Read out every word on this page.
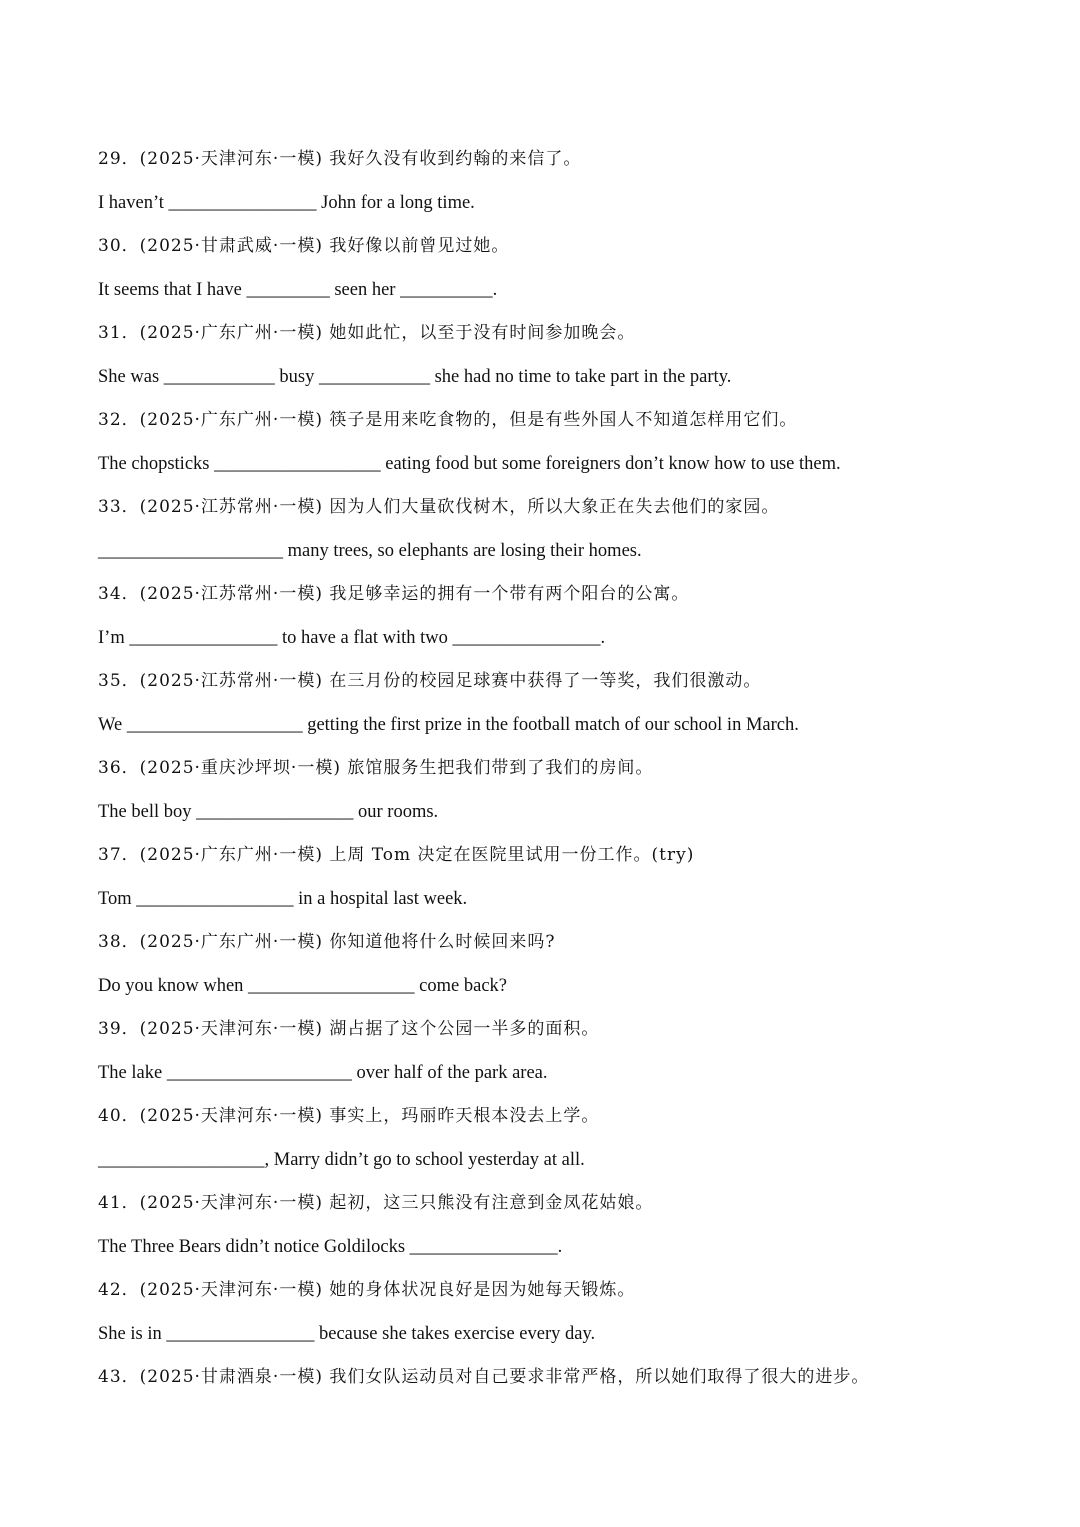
29．(2025·天津河东·一模) 我好久没有收到约翰的来信了。
I haven’t ________________ John for a long time.
30．(2025·甘肃武威·一模) 我好像以前曾见过她。
It seems that I have _________ seen her __________.
31．(2025·广东广州·一模) 她如此忙，以至于没有时间参加晚会。
She was ____________ busy ____________ she had no time to take part in the party.
32．(2025·广东广州·一模) 筷子是用来吃食物的，但是有些外国人不知道怎样用它们。
The chopsticks __________________ eating food but some foreigners don’t know how to use them.
33．(2025·江苏常州·一模) 因为人们大量砍伐树木，所以大象正在失去他们的家园。
____________________ many trees, so elephants are losing their homes.
34．(2025·江苏常州·一模) 我足够幸运的拥有一个带有两个阳台的公寓。
I’m ________________ to have a flat with two ________________.
35．(2025·江苏常州·一模) 在三月份的校园足球赛中获得了一等奖，我们很激动。
We ___________________ getting the first prize in the football match of our school in March.
36．(2025·重庆沙坪坝·一模) 旅馆服务生把我们带到了我们的房间。
The bell boy _________________ our rooms.
37．(2025·广东广州·一模) 上周 Tom 决定在医院里试用一份工作。(try)
Tom _________________ in a hospital last week.
38．(2025·广东广州·一模) 你知道他将什么时候回来吗?
Do you know when __________________ come back?
39．(2025·天津河东·一模) 湖占据了这个公园一半多的面积。
The lake ____________________ over half of the park area.
40．(2025·天津河东·一模) 事实上，玛丽昨天根本没去上学。
__________________, Marry didn’t go to school yesterday at all.
41．(2025·天津河东·一模) 起初，这三只熊没有注意到金凤花姑娘。
The Three Bears didn’t notice Goldilocks ________________.
42．(2025·天津河东·一模) 她的身体状况良好是因为她每天锻炼。
She is in ________________ because she takes exercise every day.
43．(2025·甘肃酒泉·一模) 我们女队运动员对自己要求非常严格，所以她们取得了很大的进步。
